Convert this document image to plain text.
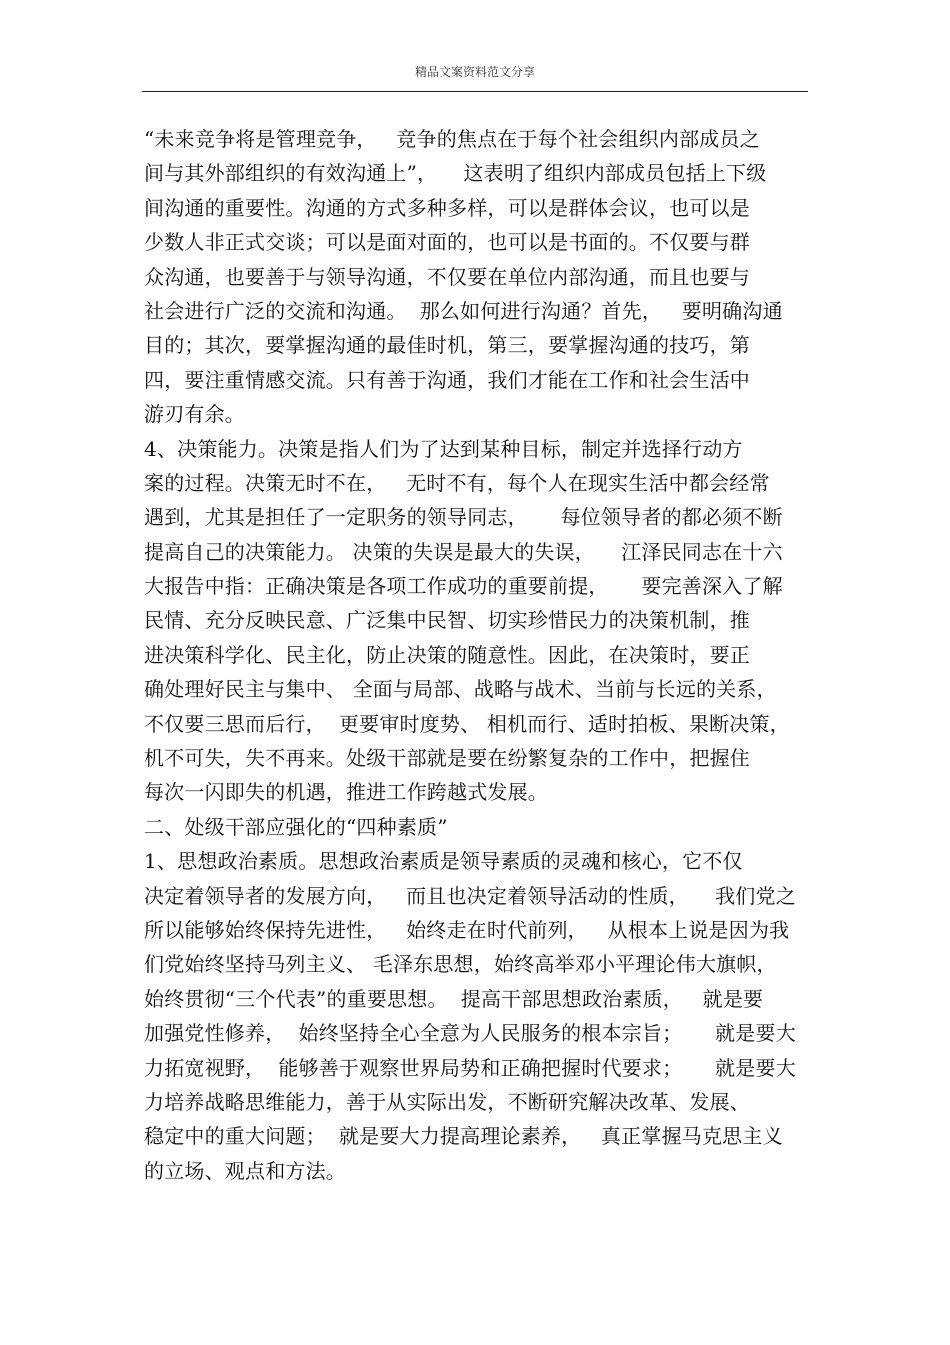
精品文案资料范文分享
“未来竞争将是管理竞争，   竞争的焦点在于每个社会组织内部成员之
间与其外部组织的有效沟通上”，    这表明了组织内部成员包括上下级
间沟通的重要性。沟通的方式多种多样，可以是群体会议，也可以是
少数人非正式交谈；可以是面对面的，也可以是书面的。不仅要与群
众沟通，也要善于与领导沟通，不仅要在单位内部沟通，而且也要与
社会进行广泛的交流和沟通。  那么如何进行沟通？首先，   要明确沟通
目的；其次，要掌握沟通的最佳时机，第三，要掌握沟通的技巧，第
四，要注重情感交流。只有善于沟通，我们才能在工作和社会生活中
游刃有余。
4、决策能力。决策是指人们为了达到某种目标，制定并选择行动方
案的过程。决策无时不在，   无时不有，每个人在现实生活中都会经常
遇到，尤其是担任了一定职务的领导同志，     每位领导者的都必须不断
提高自己的决策能力。 决策的失误是最大的失误，    江泽民同志在十六
大报告中指：正确决策是各项工作成功的重要前提，     要完善深入了解
民情、充分反映民意、广泛集中民智、切实珍惜民力的决策机制，推
进决策科学化、民主化，防止决策的随意性。因此，在决策时，要正
确处理好民主与集中、 全面与局部、战略与战术、当前与长远的关系，
不仅要三思而后行，  更要审时度势、 相机而行、适时拍板、果断决策，
机不可失，失不再来。处级干部就是要在纷繁复杂的工作中，把握住
每次一闪即失的机遇，推进工作跨越式发展。
二、处级干部应强化的“四种素质”
1、思想政治素质。思想政治素质是领导素质的灵魂和核心，它不仅
决定着领导者的发展方向，   而且也决定着领导活动的性质，    我们党之
所以能够始终保持先进性，   始终走在时代前列，   从根本上说是因为我
们党始终坚持马列主义、 毛泽东思想，始终高举邓小平理论伟大旗帜，
始终贯彻“三个代表”的重要思想。  提高干部思想政治素质，   就是要
加强党性修养，  始终坚持全心全意为人民服务的根本宗旨；     就是要大
力拓宽视野，  能够善于观察世界局势和正确把握时代要求；     就是要大
力培养战略思维能力，善于从实际出发，不断研究解决改革、发展、
稳定中的重大问题；  就是要大力提高理论素养，   真正掌握马克思主义
的立场、观点和方法。
